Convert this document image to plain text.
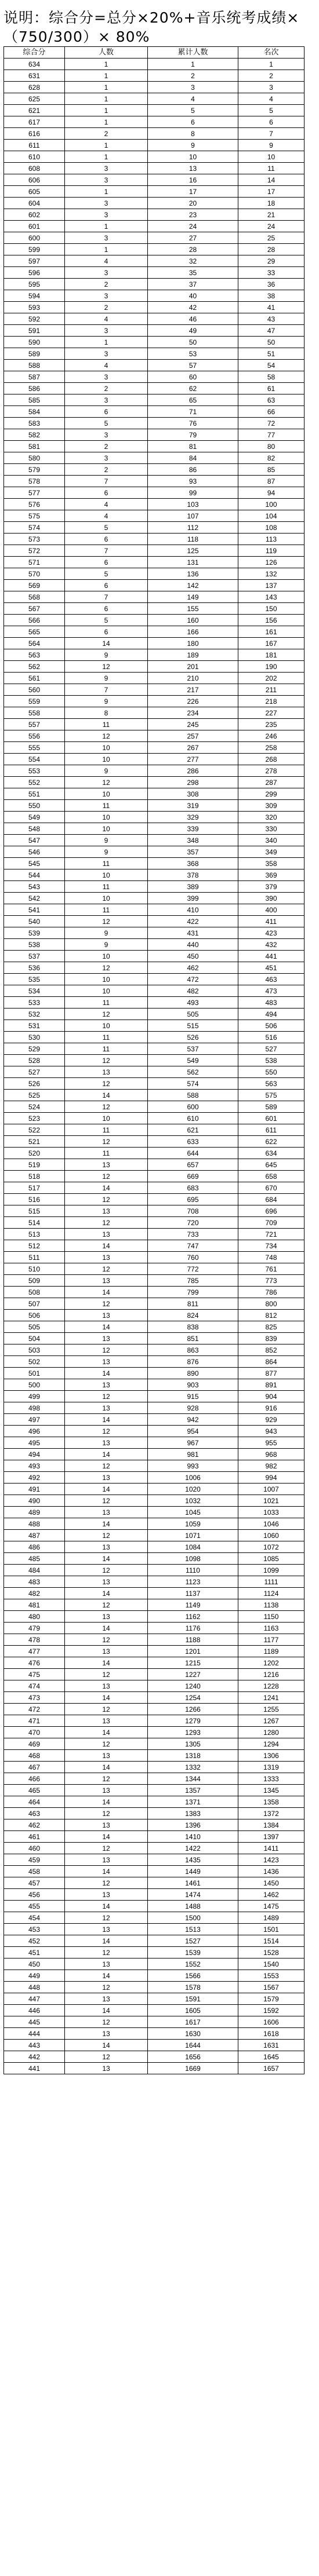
说明：综合分=总分×20%+音乐统考成绩×（750/300）× 80%
综合分	人数	累计人数	名次
634	1	1	1
631	1	2	2
628	1	3	3
625	1	4	4
621	1	5	5
617	1	6	6
616	2	8	7
611	1	9	9
610	1	10	10
608	3	13	11
606	3	16	14
605	1	17	17
604	3	20	18
602	3	23	21
601	1	24	24
600	3	27	25
599	1	28	28
597	4	32	29
596	3	35	33
595	2	37	36
594	3	40	38
593	2	42	41
592	4	46	43
591	3	49	47
590	1	50	50
589	3	53	51
588	4	57	54
587	3	60	58
586	2	62	61
585	3	65	63
584	6	71	66
583	5	76	72
582	3	79	77
581	2	81	80
580	3	84	82
579	2	86	85
578	7	93	87
577	6	99	94
576	4	103	100
575	4	107	104
574	5	112	108
573	6	118	113
572	7	125	119
571	6	131	126
570	5	136	132
569	6	142	137
568	7	149	143
567	6	155	150
566	5	160	156
565	6	166	161
564	14	180	167
563	9	189	181
562	12	201	190
561	9	210	202
560	7	217	211
559	9	226	218
558	8	234	227
557	11	245	235
556	12	257	246
555	10	267	258
554	10	277	268
553	9	286	278
552	12	298	287
551	10	308	299
550	11	319	309
549	10	329	320
548	10	339	330
547	9	348	340
546	9	357	349
545	11	368	358
544	10	378	369
543	11	389	379
542	10	399	390
541	11	410	400
540	12	422	411
539	9	431	423
538	9	440	432
537	10	450	441
536	12	462	451
535	10	472	463
534	10	482	473
533	11	493	483
532	12	505	494
531	10	515	506
530	11	526	516
529	11	537	527
528	12	549	538
527	13	562	550
526	12	574	563
525	14	588	575
524	12	600	589
523	10	610	601
522	11	621	611
521	12	633	622
520	11	644	634
519	13	657	645
518	12	669	658
517	14	683	670
516	12	695	684
515	13	708	696
514	12	720	709
513	13	733	721
512	14	747	734
511	13	760	748
510	12	772	761
509	13	785	773
508	14	799	786
507	12	811	800
506	13	824	812
505	14	838	825
504	13	851	839
503	12	863	852
502	13	876	864
501	14	890	877
500	13	903	891
499	12	915	904
498	13	928	916
497	14	942	929
496	12	954	943
495	13	967	955
494	14	981	968
493	12	993	982
492	13	1006	994
491	14	1020	1007
490	12	1032	1021
489	13	1045	1033
488	14	1059	1046
487	12	1071	1060
486	13	1084	1072
485	14	1098	1085
484	12	1110	1099
483	13	1123	1111
482	14	1137	1124
481	12	1149	1138
480	13	1162	1150
479	14	1176	1163
478	12	1188	1177
477	13	1201	1189
476	14	1215	1202
475	12	1227	1216
474	13	1240	1228
473	14	1254	1241
472	12	1266	1255
471	13	1279	1267
470	14	1293	1280
469	12	1305	1294
468	13	1318	1306
467	14	1332	1319
466	12	1344	1333
465	13	1357	1345
464	14	1371	1358
463	12	1383	1372
462	13	1396	1384
461	14	1410	1397
460	12	1422	1411
459	13	1435	1423
458	14	1449	1436
457	12	1461	1450
456	13	1474	1462
455	14	1488	1475
454	12	1500	1489
453	13	1513	1501
452	14	1527	1514
451	12	1539	1528
450	13	1552	1540
449	14	1566	1553
448	12	1578	1567
447	13	1591	1579
446	14	1605	1592
445	12	1617	1606
444	13	1630	1618
443	14	1644	1631
442	12	1656	1645
441	13	1669	1657
